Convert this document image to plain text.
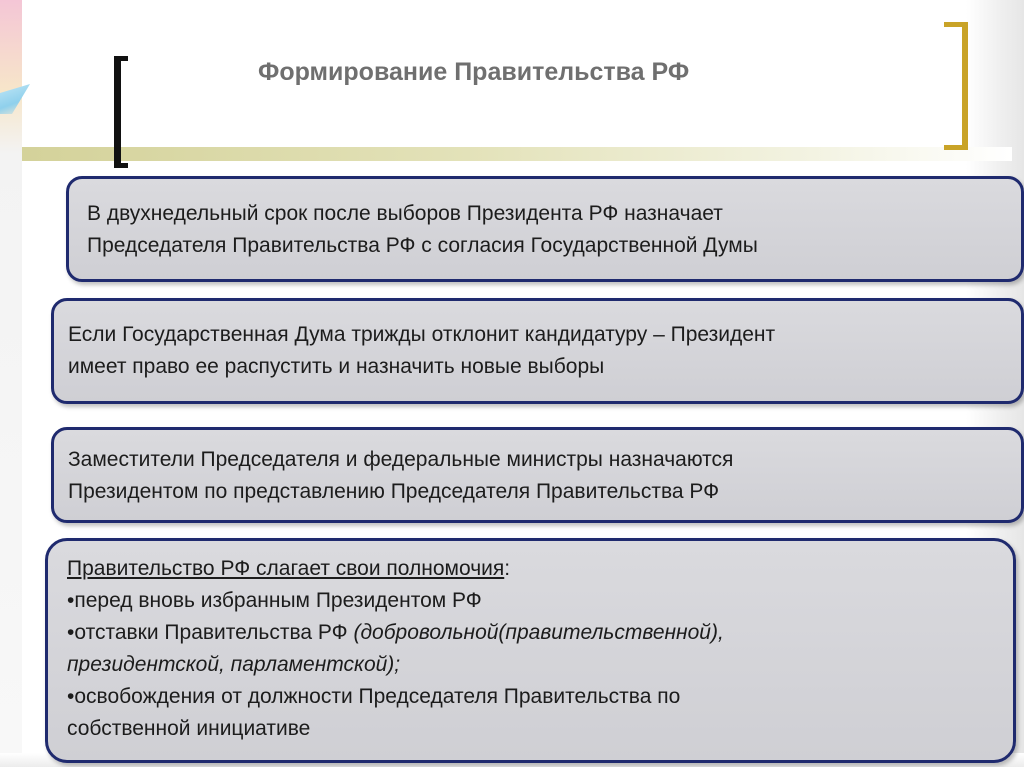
Формирование Правительства РФ
В двухнедельный срок после выборов Президента РФ назначает
Председателя Правительства РФ с согласия Государственной Думы
Если Государственная Дума трижды отклонит кандидатуру – Президент
имеет право ее распустить и назначить новые выборы
Заместители Председателя и федеральные министры назначаются
Президентом по представлению Председателя Правительства РФ
Правительство РФ слагает свои полномочия:
•перед вновь избранным Президентом РФ
•отставки Правительства РФ (добровольной(правительственной),
президентской, парламентской);
•освобождения от должности Председателя Правительства по
собственной инициативе
